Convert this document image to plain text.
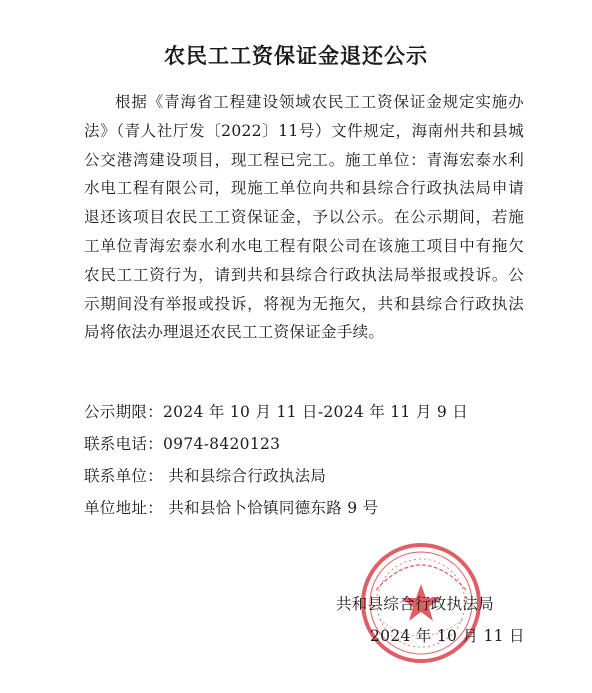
农民工工资保证金退还公示
根据《青海省工程建设领域农民工工资保证金规定实施办法》（青人社厅发〔2022〕11号）文件规定，海南州共和县城公交港湾建设项目，现工程已完工。施工单位：青海宏泰水利水电工程有限公司，现施工单位向共和县综合行政执法局申请退还该项目农民工工资保证金，予以公示。在公示期间，若施工单位青海宏泰水利水电工程有限公司在该施工项目中有拖欠农民工工资行为，请到共和县综合行政执法局举报或投诉。公示期间没有举报或投诉，将视为无拖欠，共和县综合行政执法局将依法办理退还农民工工资保证金手续。
公示期限：2024 年 10 月 11 日-2024 年 11 月 9 日
联系电话：0974-8420123
联系单位： 共和县综合行政执法局
单位地址： 共和县恰卜恰镇同德东路 9 号
共和县综合行政执法局
2024 年 10 月 11 日
